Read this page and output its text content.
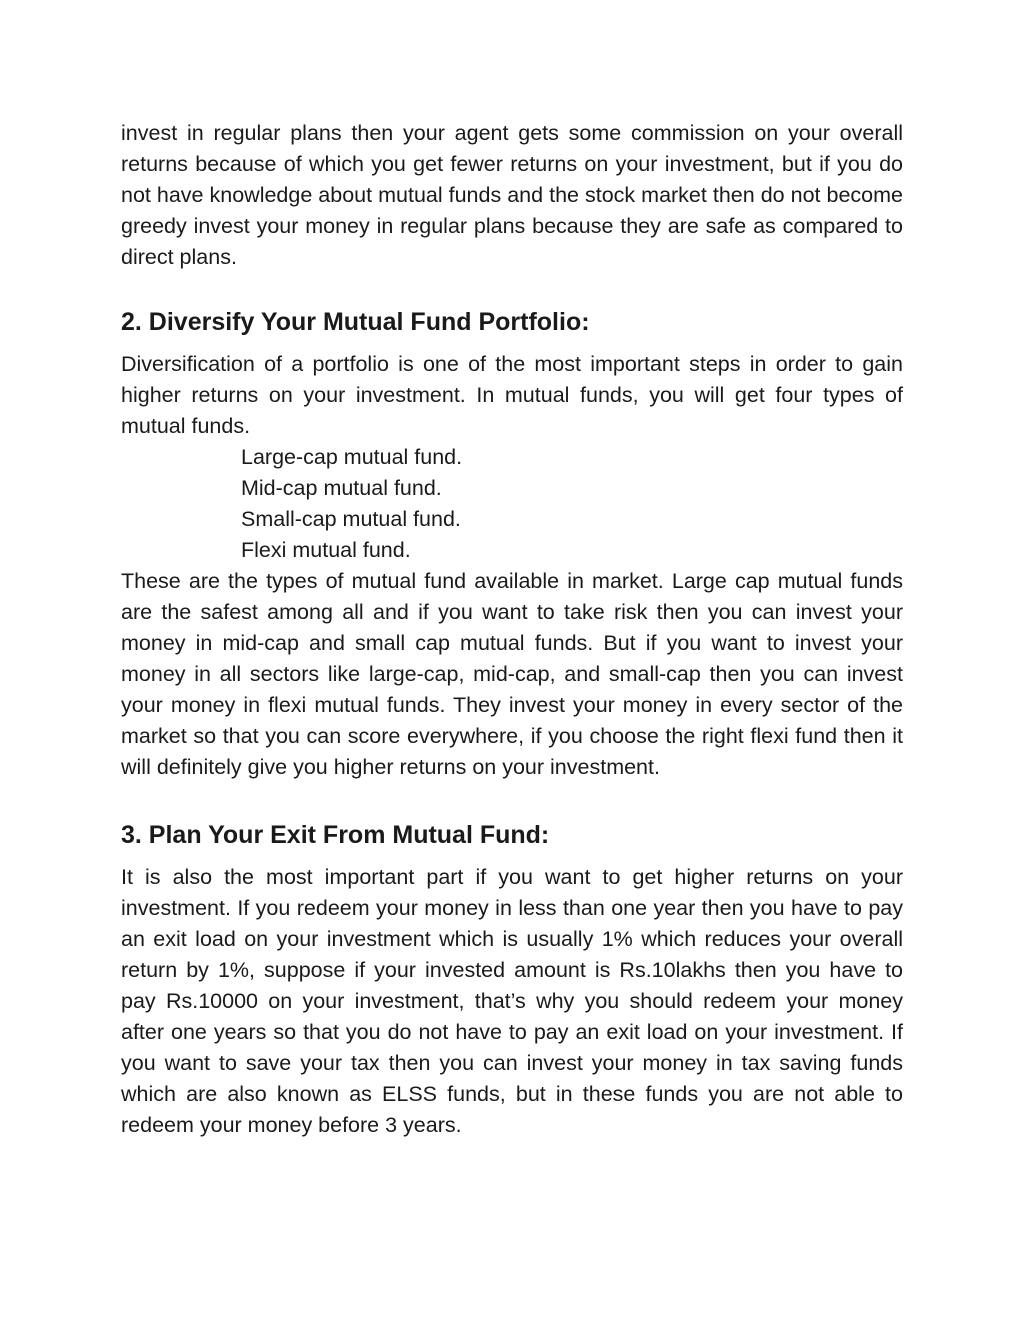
invest in regular plans then your agent gets some commission on your overall returns because of which you get fewer returns on your investment, but if you do not have knowledge about mutual funds and the stock market then do not become greedy invest your money in regular plans because they are safe as compared to direct plans.

2. Diversify Your Mutual Fund Portfolio:

Diversification of a portfolio is one of the most important steps in order to gain higher returns on your investment. In mutual funds, you will get four types of mutual funds.

Large-cap mutual fund.
Mid-cap mutual fund.
Small-cap mutual fund.
Flexi mutual fund.

These are the types of mutual fund available in market. Large cap mutual funds are the safest among all and if you want to take risk then you can invest your money in mid-cap and small cap mutual funds. But if you want to invest your money in all sectors like large-cap, mid-cap, and small-cap then you can invest your money in flexi mutual funds. They invest your money in every sector of the market so that you can score everywhere, if you choose the right flexi fund then it will definitely give you higher returns on your investment.

3. Plan Your Exit From Mutual Fund:

It is also the most important part if you want to get higher returns on your investment. If you redeem your money in less than one year then you have to pay an exit load on your investment which is usually 1% which reduces your overall return by 1%, suppose if your invested amount is Rs.10lakhs then you have to pay Rs.10000 on your investment, that’s why you should redeem your money after one years so that you do not have to pay an exit load on your investment. If you want to save your tax then you can invest your money in tax saving funds which are also known as ELSS funds, but in these funds you are not able to redeem your money before 3 years.
